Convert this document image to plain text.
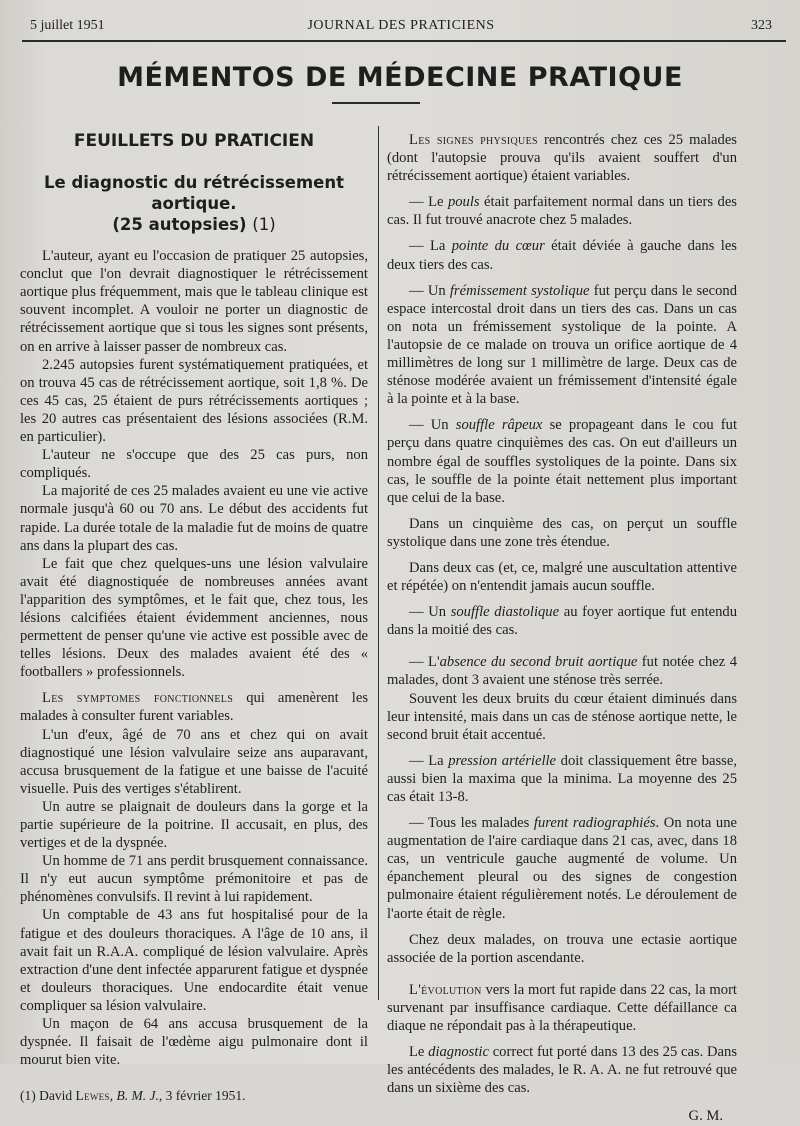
5 juillet 1951	JOURNAL DES PRATICIENS	323
MÉMENTOS DE MÉDECINE PRATIQUE
FEUILLETS DU PRATICIEN
Le diagnostic du rétrécissement aortique.
(25 autopsies) (1)

L'auteur, ayant eu l'occasion de pratiquer 25 autopsies, conclut que l'on devrait diagnostiquer le rétrécissement aortique plus fréquemment, mais que le tableau clinique est souvent incomplet. A vouloir ne porter un diagnostic de rétrécissement aortique que si tous les signes sont présents, on en arrive à laisser passer de nombreux cas.

2.245 autopsies furent systématiquement pratiquées, et on trouva 45 cas de rétrécissement aortique, soit 1,8 %. De ces 45 cas, 25 étaient de purs rétrécissements aortiques ; les 20 autres cas présentaient des lésions associées (R.M. en particulier).

L'auteur ne s'occupe que des 25 cas purs, non compliqués.

La majorité de ces 25 malades avaient eu une vie active normale jusqu'à 60 ou 70 ans. Le début des accidents fut rapide. La durée totale de la maladie fut de moins de quatre ans dans la plupart des cas.

Le fait que chez quelques-uns une lésion valvulaire avait été diagnostiquée de nombreuses années avant l'apparition des symptômes, et le fait que, chez tous, les lésions calcifiées étaient évidemment anciennes, nous permettent de penser qu'une vie active est possible avec de telles lésions. Deux des malades avaient été des « footballers » professionnels.

Les symptomes fonctionnels qui amenèrent les malades à consulter furent variables.

L'un d'eux, âgé de 70 ans et chez qui on avait diagnostiqué une lésion valvulaire seize ans auparavant, accusa brusquement de la fatigue et une baisse de l'acuité visuelle. Puis des vertiges s'établirent.

Un autre se plaignait de douleurs dans la gorge et la partie supérieure de la poitrine. Il accusait, en plus, des vertiges et de la dyspnée.

Un homme de 71 ans perdit brusquement connaissance. Il n'y eut aucun symptôme prémonitoire et pas de phénomènes convulsifs. Il revint à lui rapidement.

Un comptable de 43 ans fut hospitalisé pour de la fatigue et des douleurs thoraciques. A l'âge de 10 ans, il avait fait un R.A.A. compliqué de lésion valvulaire. Après extraction d'une dent infectée apparurent fatigue et dyspnée et douleurs thoraciques. Une endocardite était venue compliquer sa lésion valvulaire.

Un maçon de 64 ans accusa brusquement de la dyspnée. Il faisait de l'œdème aigu pulmonaire dont il mourut bien vite.

(1) David Lewes, B. M. J., 3 février 1951.

Les signes physiques rencontrés chez ces 25 malades (dont l'autopsie prouva qu'ils avaient souffert d'un rétrécissement aortique) étaient variables.

— Le pouls était parfaitement normal dans un tiers des cas. Il fut trouvé anacrote chez 5 malades.

— La pointe du cœur était déviée à gauche dans les deux tiers des cas.

— Un frémissement systolique fut perçu dans le second espace intercostal droit dans un tiers des cas. Dans un cas on nota un frémissement systolique de la pointe. A l'autopsie de ce malade on trouva un orifice aortique de 4 millimètres de long sur 1 millimètre de large. Deux cas de sténose modérée avaient un frémissement d'intensité égale à la pointe et à la base.

— Un souffle râpeux se propageant dans le cou fut perçu dans quatre cinquièmes des cas. On eut d'ailleurs un nombre égal de souffles systoliques de la pointe. Dans six cas, le souffle de la pointe était nettement plus important que celui de la base.

Dans un cinquième des cas, on perçut un souffle systolique dans une zone très étendue.

Dans deux cas (et, ce, malgré une auscultation attentive et répétée) on n'entendit jamais aucun souffle.

— Un souffle diastolique au foyer aortique fut entendu dans la moitié des cas.

— L'absence du second bruit aortique fut notée chez 4 malades, dont 3 avaient une sténose très serrée.

Souvent les deux bruits du cœur étaient diminués dans leur intensité, mais dans un cas de sténose aortique nette, le second bruit était accentué.

— La pression artérielle doit classiquement être basse, aussi bien la maxima que la minima. La moyenne des 25 cas était 13-8.

— Tous les malades furent radiographiés. On nota une augmentation de l'aire cardiaque dans 21 cas, avec, dans 18 cas, un ventricule gauche augmenté de volume. Un épanchement pleural ou des signes de congestion pulmonaire étaient régulièrement notés. Le déroulement de l'aorte était de règle.

Chez deux malades, on trouva une ectasie aortique associée de la portion ascendante.

L'évolution vers la mort fut rapide dans 22 cas, la mort survenant par insuffisance cardiaque. Cette défaillance ca diaque ne répondait pas à la thérapeutique.

Le diagnostic correct fut porté dans 13 des 25 cas. Dans les antécédents des malades, le R. A. A. ne fut retrouvé que dans un sixième des cas.

G. M.
